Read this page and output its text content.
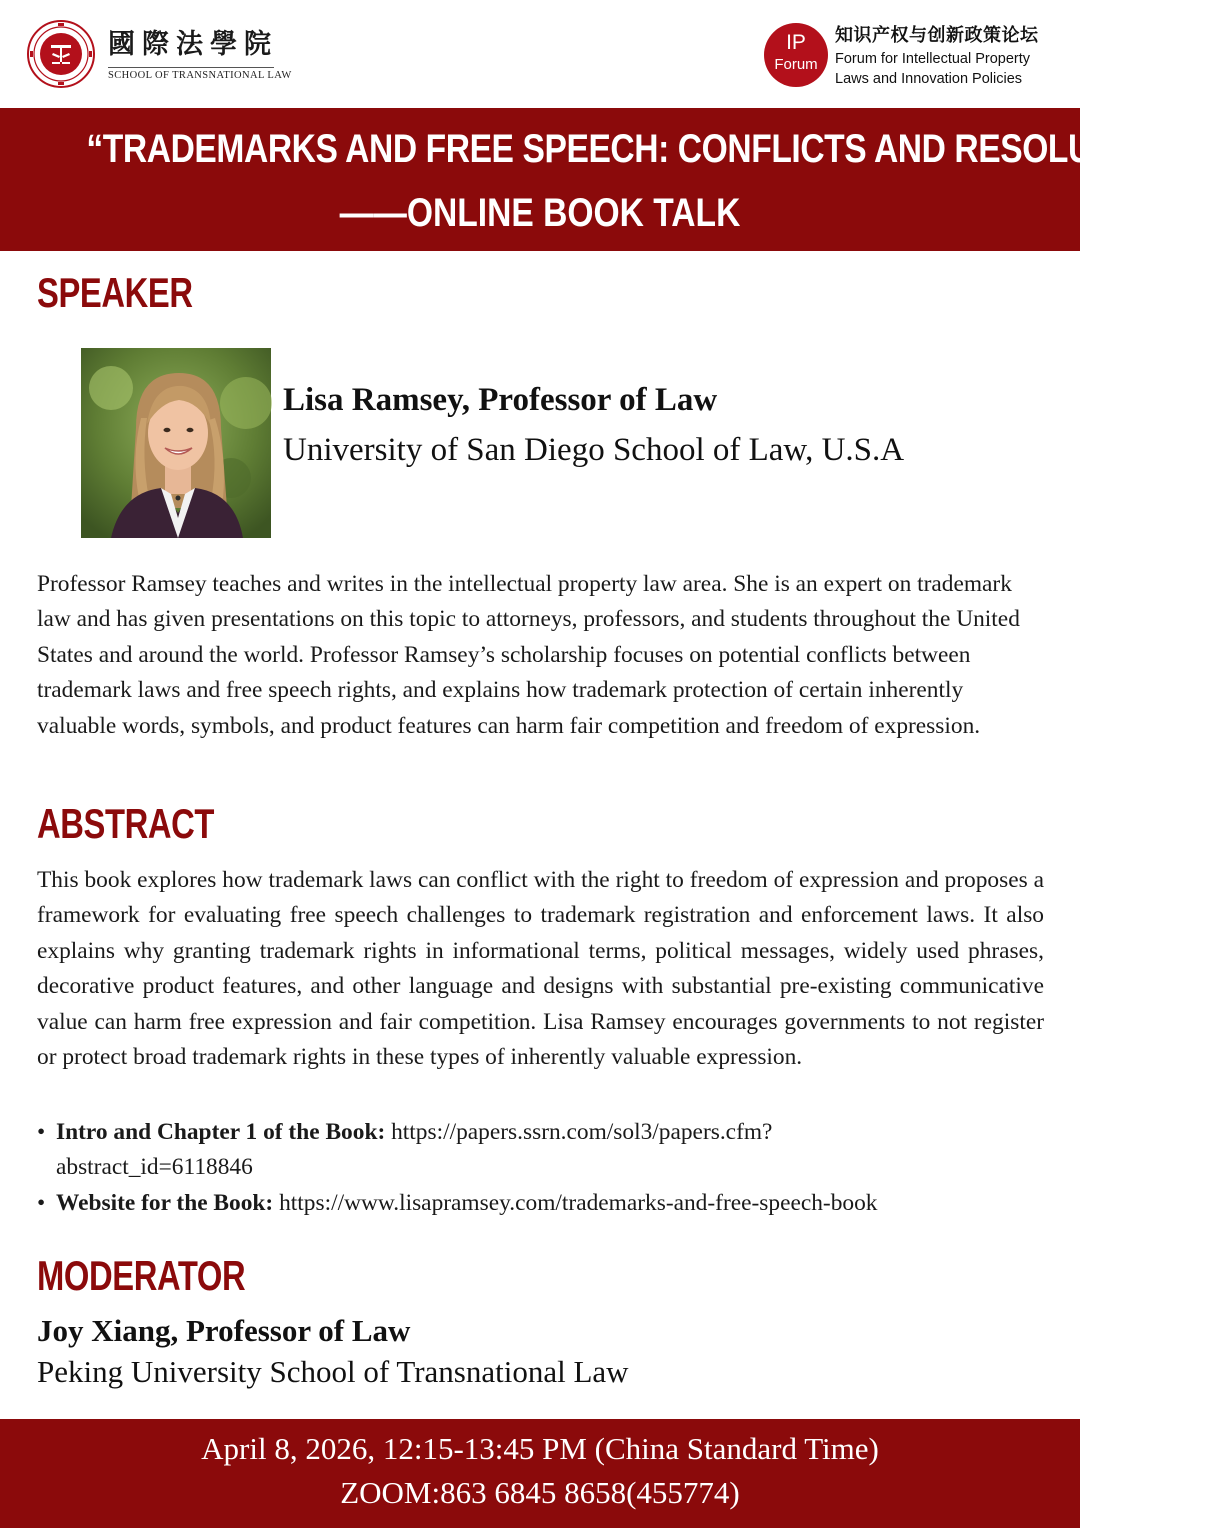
國際法學院
SCHOOL OF TRANSNATIONAL LAW
IP
Forum
知识产权与创新政策论坛
Forum for Intellectual Property
Laws and Innovation Policies
“TRADEMARKS AND FREE SPEECH: CONFLICTS AND RESOLUTIONS”
——ONLINE BOOK TALK
SPEAKER
Lisa Ramsey, Professor of Law
University of San Diego School of Law, U.S.A

Professor Ramsey teaches and writes in the intellectual property law area. She is an expert on trademark law and has given presentations on this topic to attorneys, professors, and students throughout the United States and around the world. Professor Ramsey’s scholarship focuses on potential conflicts between trademark laws and free speech rights, and explains how trademark protection of certain inherently valuable words, symbols, and product features can harm fair competition and freedom of expression.

ABSTRACT

This book explores how trademark laws can conflict with the right to freedom of expression and proposes a framework for evaluating free speech challenges to trademark registration and enforcement laws. It also explains why granting trademark rights in informational terms, political messages, widely used phrases, decorative product features, and other language and designs with substantial pre-existing communicative value can harm free expression and fair competition. Lisa Ramsey encourages governments to not register or protect broad trademark rights in these types of inherently valuable expression.

• Intro and Chapter 1 of the Book: https://papers.ssrn.com/sol3/papers.cfm?
abstract_id=6118846
• Website for the Book: https://www.lisapramsey.com/trademarks-and-free-speech-book
MODERATOR
Joy Xiang, Professor of Law
Peking University School of Transnational Law
April 8, 2026, 12:15-13:45 PM (China Standard Time)
ZOOM:863 6845 8658(455774)
